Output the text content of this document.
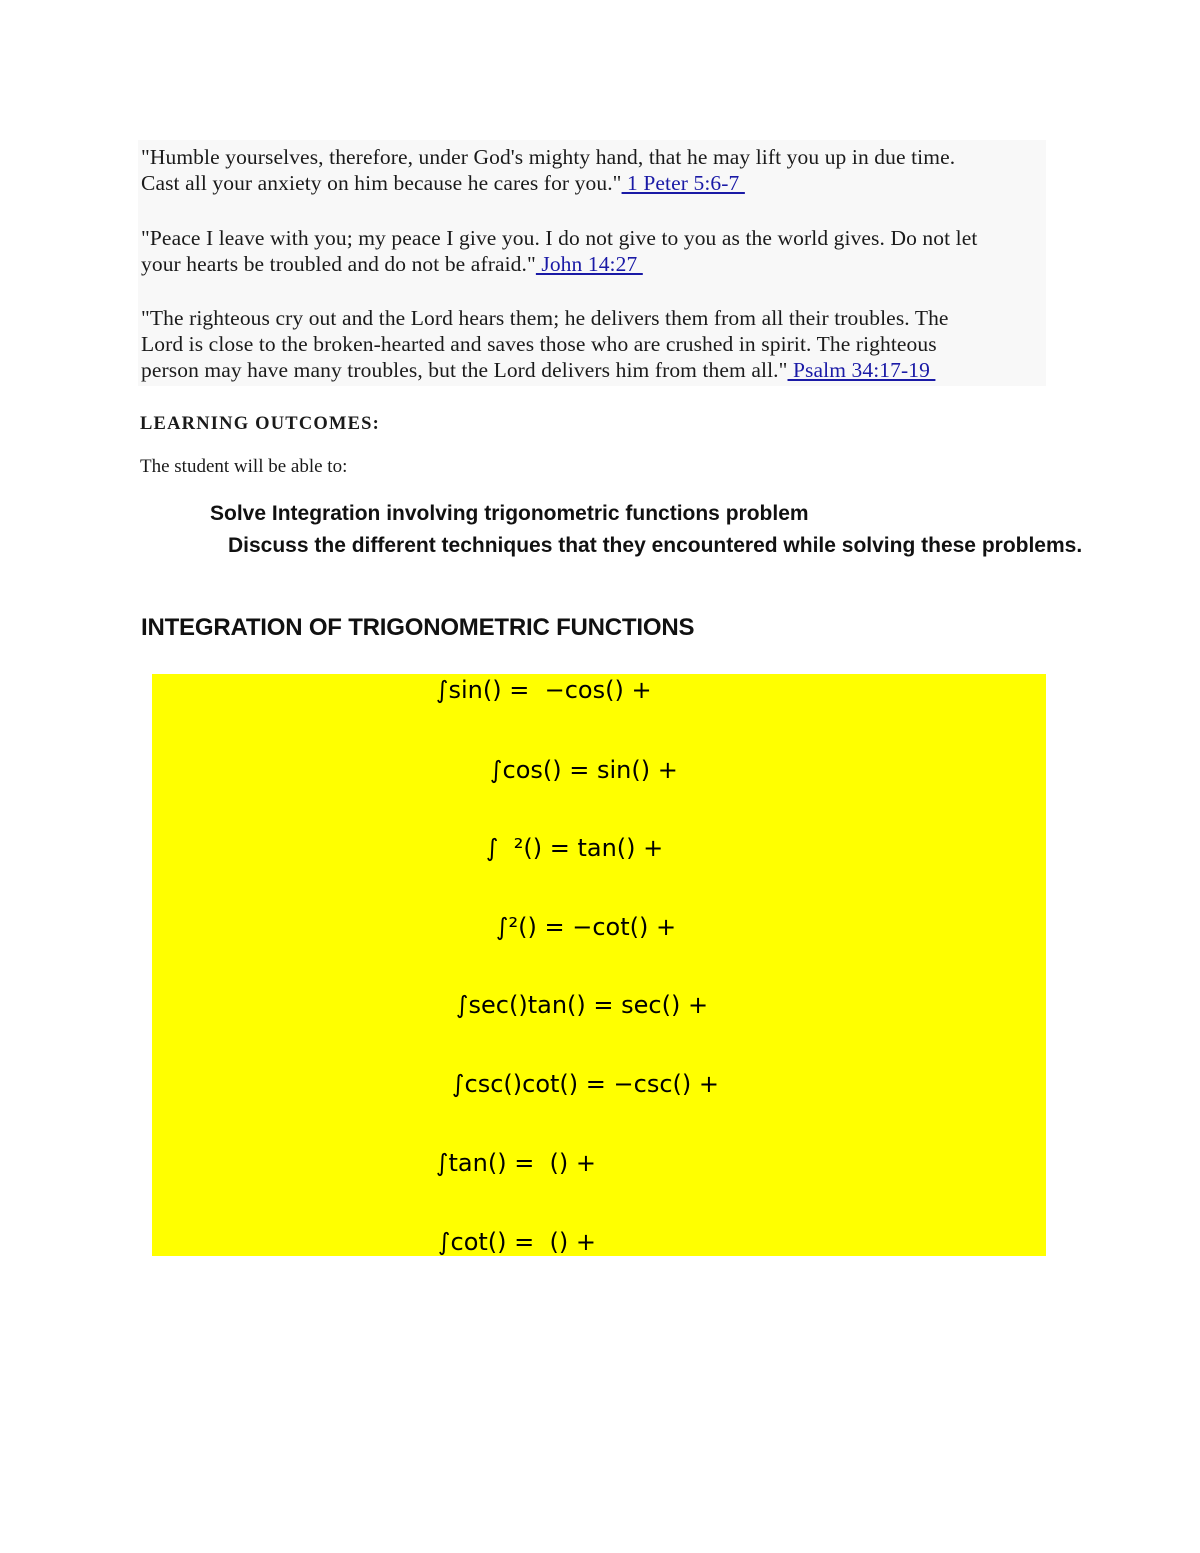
"Humble yourselves, therefore, under God's mighty hand, that he may lift you up in due time.
Cast all your anxiety on him because he cares for you." 1 Peter 5:6-7
"Peace I leave with you; my peace I give you. I do not give to you as the world gives. Do not let
your hearts be troubled and do not be afraid." John 14:27
"The righteous cry out and the Lord hears them; he delivers them from all their troubles. The
Lord is close to the broken-hearted and saves those who are crushed in spirit. The righteous
person may have many troubles, but the Lord delivers him from them all." Psalm 34:17-19
LEARNING OUTCOMES:
The student will be able to:
Solve Integration involving trigonometric functions problem
Discuss the different techniques that they encountered while solving these problems.
INTEGRATION OF TRIGONOMETRIC FUNCTIONS
∫sin() =  −cos() +
∫cos() = sin() +
∫  ²() = tan() +
∫²() = −cot() +
∫sec()tan() = sec() +
∫csc()cot() = −csc() +
∫tan() =  () +
∫cot() =  () +
